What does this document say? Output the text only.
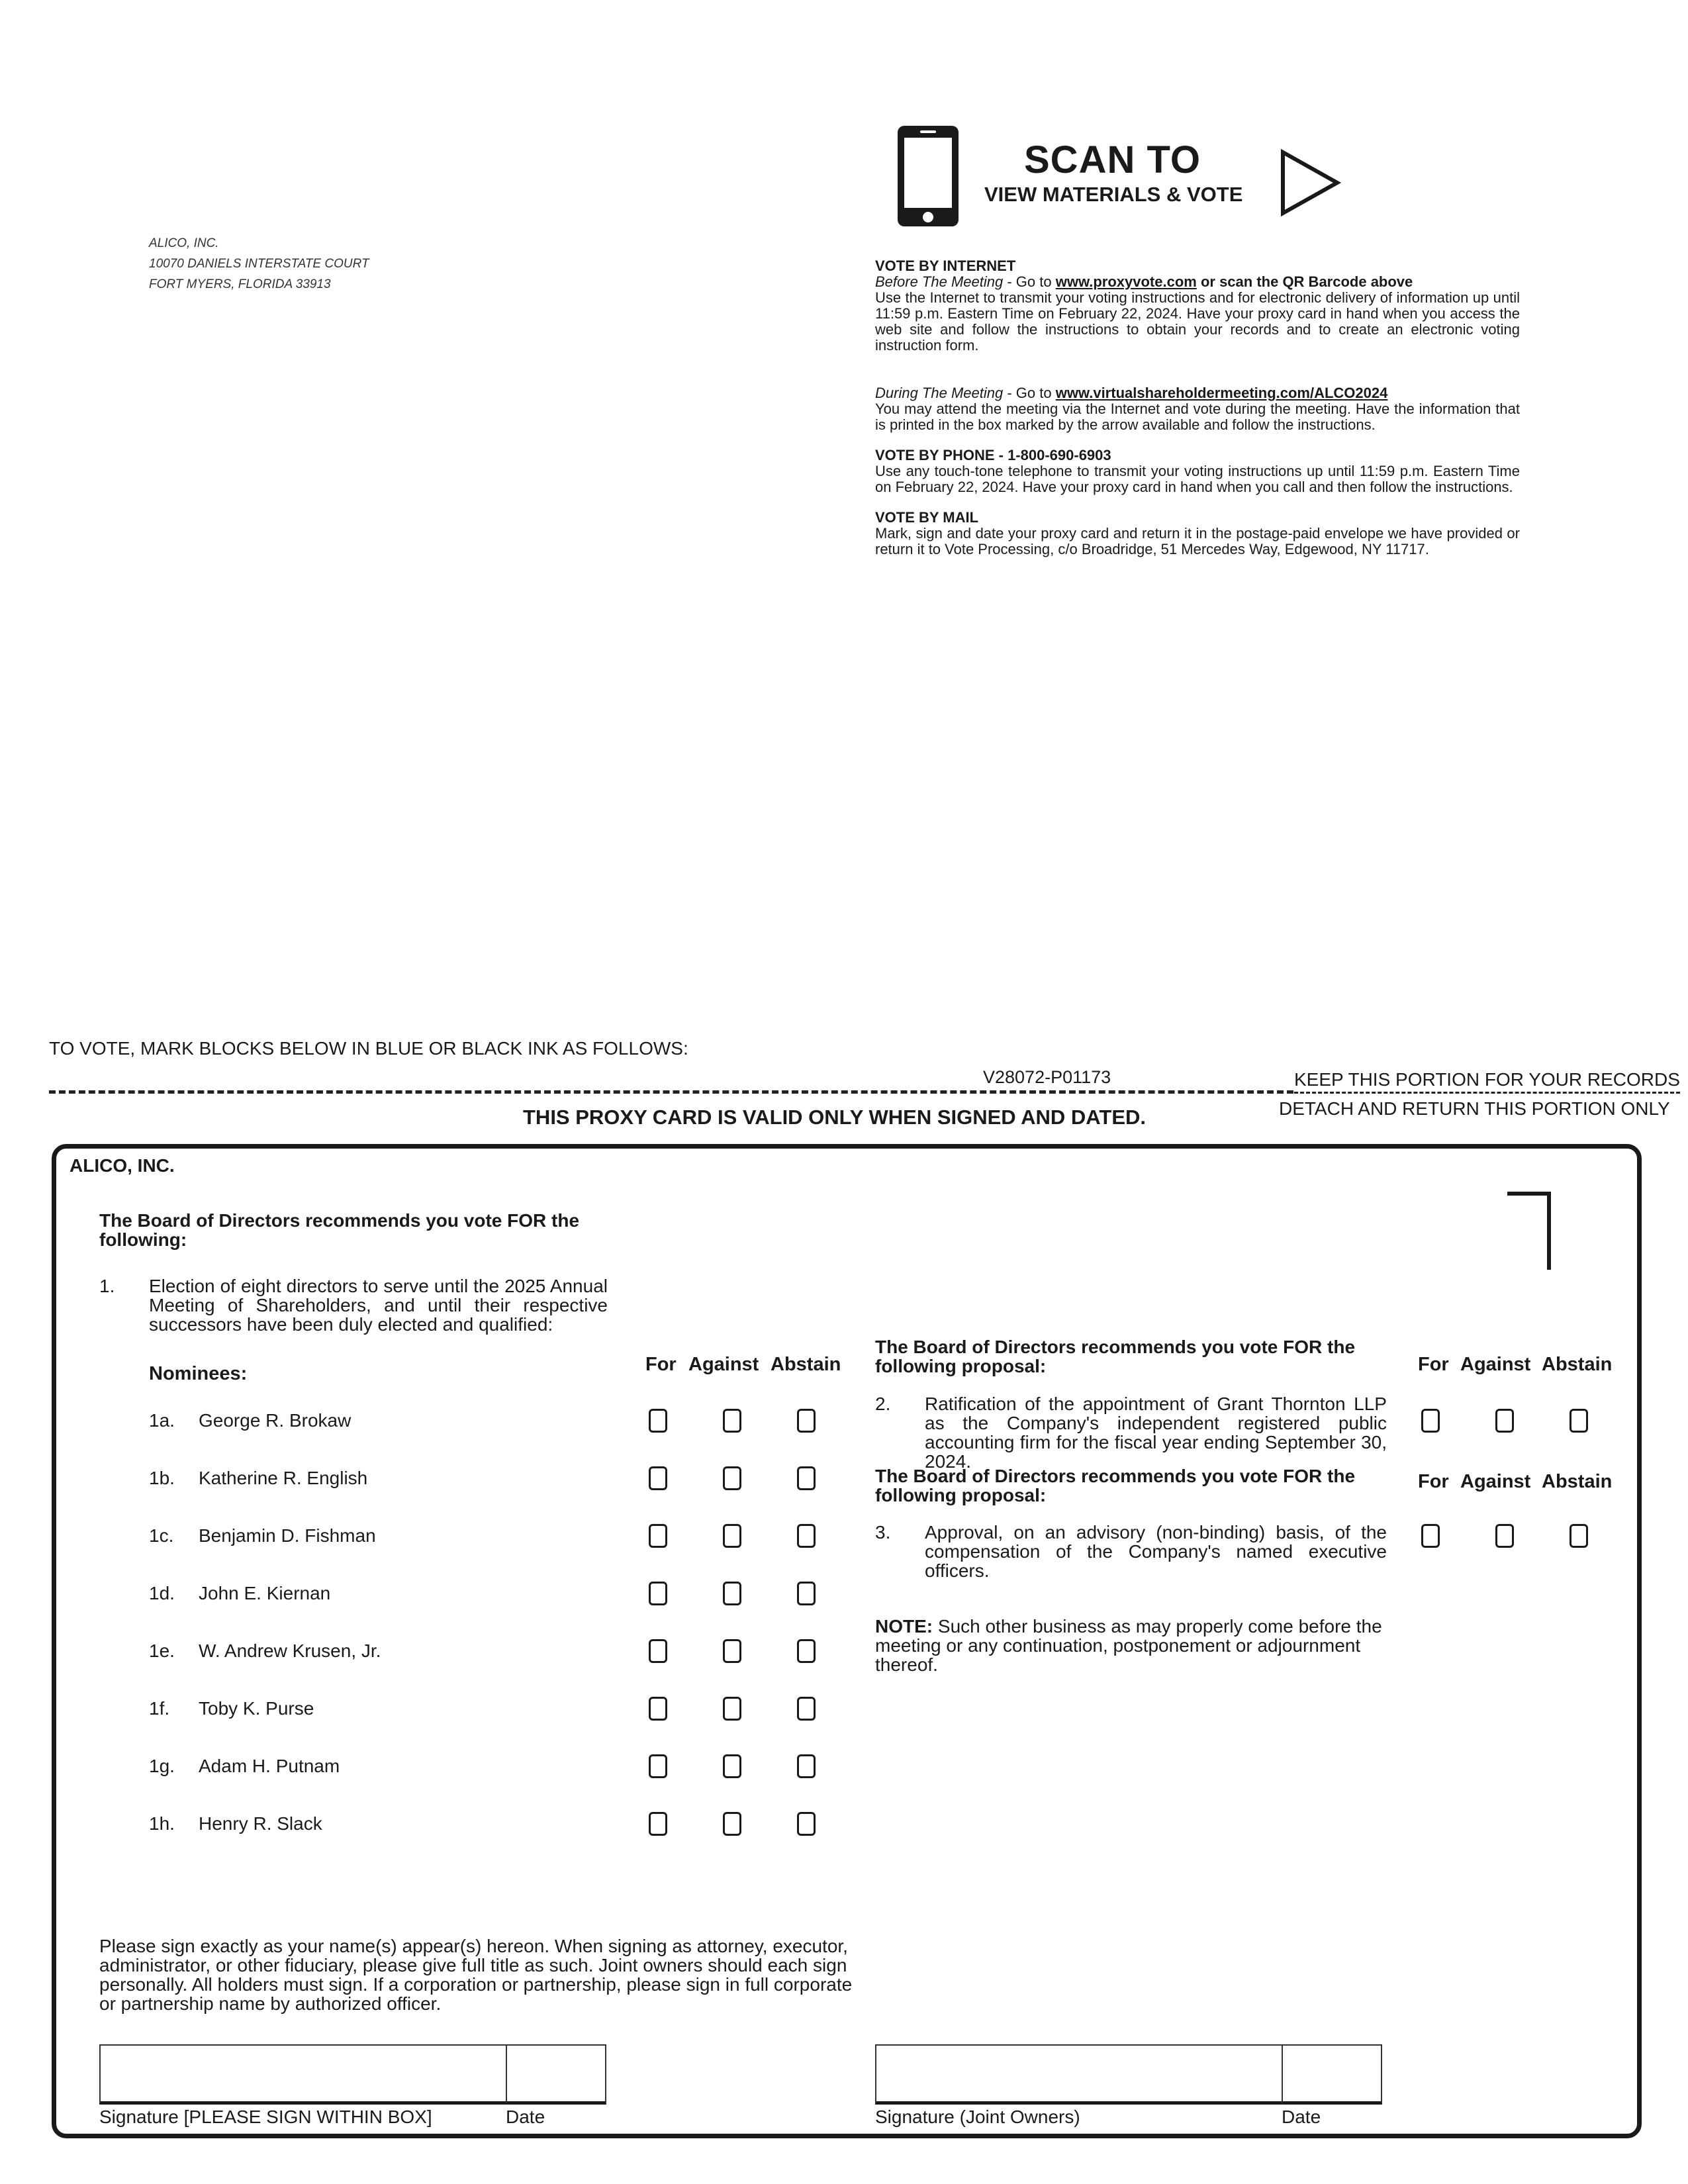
ALICO, INC.
10070 DANIELS INTERSTATE COURT
FORT MYERS, FLORIDA 33913
SCAN TO
VIEW MATERIALS & VOTE
VOTE BY INTERNET
Before The Meeting - Go to www.proxyvote.com or scan the QR Barcode above

Use the Internet to transmit your voting instructions and for electronic delivery of information up until 11:59 p.m. Eastern Time on February 22, 2024. Have your proxy card in hand when you access the web site and follow the instructions to obtain your records and to create an electronic voting instruction form.

During The Meeting - Go to www.virtualshareholdermeeting.com/ALCO2024

You may attend the meeting via the Internet and vote during the meeting. Have the information that is printed in the box marked by the arrow available and follow the instructions.

VOTE BY PHONE - 1-800-690-6903

Use any touch-tone telephone to transmit your voting instructions up until 11:59 p.m. Eastern Time on February 22, 2024. Have your proxy card in hand when you call and then follow the instructions.

VOTE BY MAIL

Mark, sign and date your proxy card and return it in the postage-paid envelope we have provided or return it to Vote Processing, c/o Broadridge, 51 Mercedes Way, Edgewood, NY 11717.

TO VOTE, MARK BLOCKS BELOW IN BLUE OR BLACK INK AS FOLLOWS:
V28072-P01173	KEEP THIS PORTION FOR YOUR RECORDS
DETACH AND RETURN THIS PORTION ONLY
THIS PROXY CARD IS VALID ONLY WHEN SIGNED AND DATED.
ALICO, INC.
The Board of Directors recommends you vote FOR the following:
1. Election of eight directors to serve until the 2025 Annual Meeting of Shareholders, and until their respective successors have been duly elected and qualified:
Nominees:	For Against Abstain
1a. George R. Brokaw
1b. Katherine R. English
1c. Benjamin D. Fishman
1d. John E. Kiernan
1e. W. Andrew Krusen, Jr.
1f. Toby K. Purse
1g. Adam H. Putnam
1h. Henry R. Slack
The Board of Directors recommends you vote FOR the following proposal:	For Against Abstain
2. Ratification of the appointment of Grant Thornton LLP as the Company's independent registered public accounting firm for the fiscal year ending September 30, 2024.
The Board of Directors recommends you vote FOR the following proposal:
For Against Abstain
3. Approval, on an advisory (non-binding) basis, of the compensation of the Company's named executive officers.
NOTE: Such other business as may properly come before the meeting or any continuation, postponement or adjournment thereof.
Please sign exactly as your name(s) appear(s) hereon. When signing as attorney, executor, administrator, or other fiduciary, please give full title as such. Joint owners should each sign personally. All holders must sign. If a corporation or partnership, please sign in full corporate or partnership name by authorized officer.
Signature [PLEASE SIGN WITHIN BOX]	Date	Signature (Joint Owners)	Date
